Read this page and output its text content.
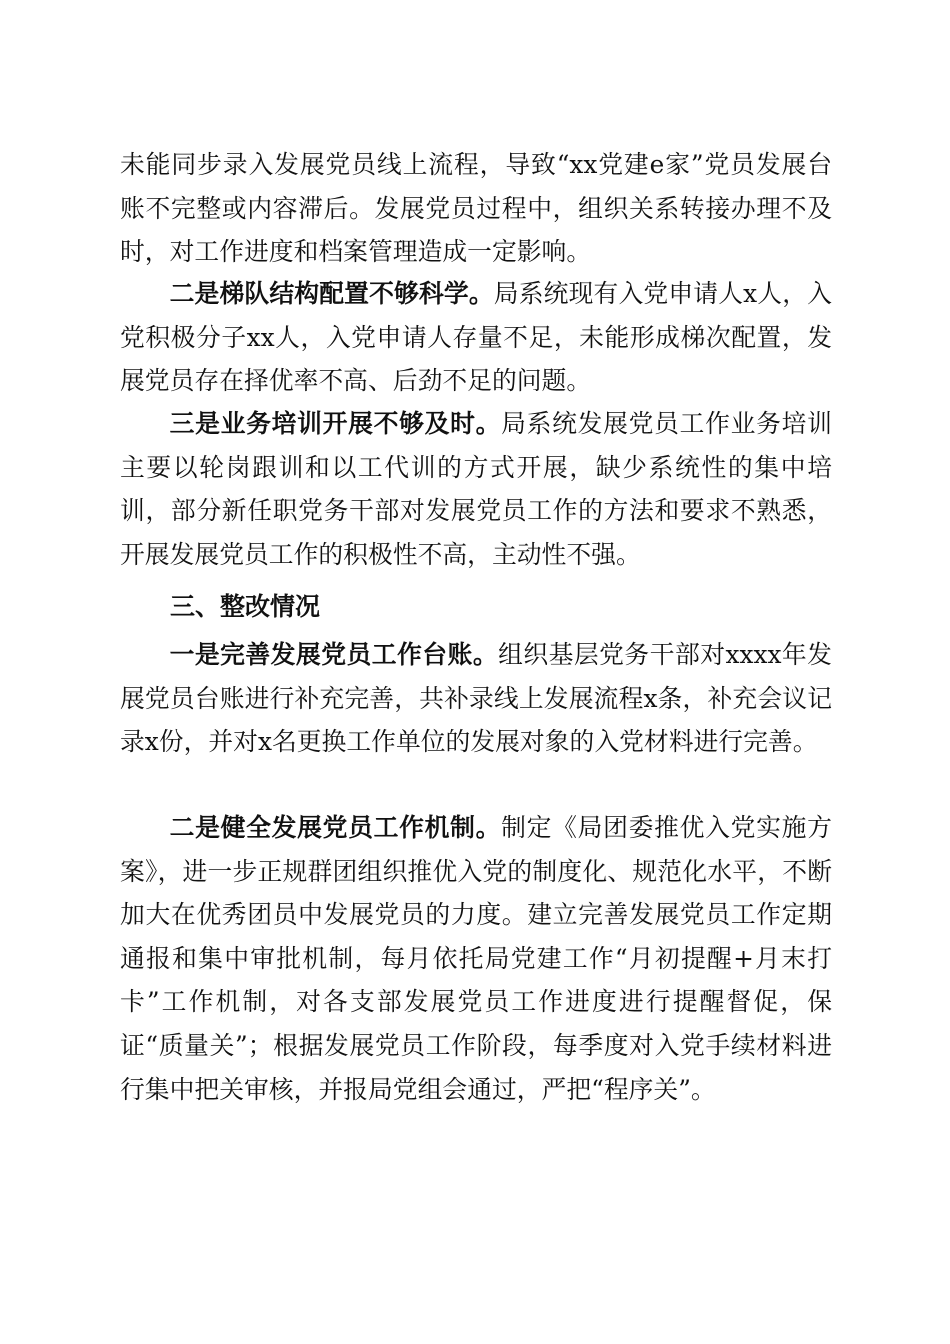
未能同步录入发展党员线上流程，导致“xx党建e家”党员发展台账不完整或内容滞后。发展党员过程中，组织关系转接办理不及时，对工作进度和档案管理造成一定影响。

二是梯队结构配置不够科学。局系统现有入党申请人x人，入党积极分子xx人，入党申请人存量不足，未能形成梯次配置，发展党员存在择优率不高、后劲不足的问题。

三是业务培训开展不够及时。局系统发展党员工作业务培训主要以轮岗跟训和以工代训的方式开展，缺少系统性的集中培训，部分新任职党务干部对发展党员工作的方法和要求不熟悉，开展发展党员工作的积极性不高，主动性不强。

三、整改情况

一是完善发展党员工作台账。组织基层党务干部对xxxx年发展党员台账进行补充完善，共补录线上发展流程x条，补充会议记录x份，并对x名更换工作单位的发展对象的入党材料进行完善。

二是健全发展党员工作机制。制定《局团委推优入党实施方案》，进一步正规群团组织推优入党的制度化、规范化水平，不断加大在优秀团员中发展党员的力度。建立完善发展党员工作定期通报和集中审批机制，每月依托局党建工作“月初提醒+月末打卡”工作机制，对各支部发展党员工作进度进行提醒督促，保证“质量关”；根据发展党员工作阶段，每季度对入党手续材料进行集中把关审核，并报局党组会通过，严把“程序关”。
